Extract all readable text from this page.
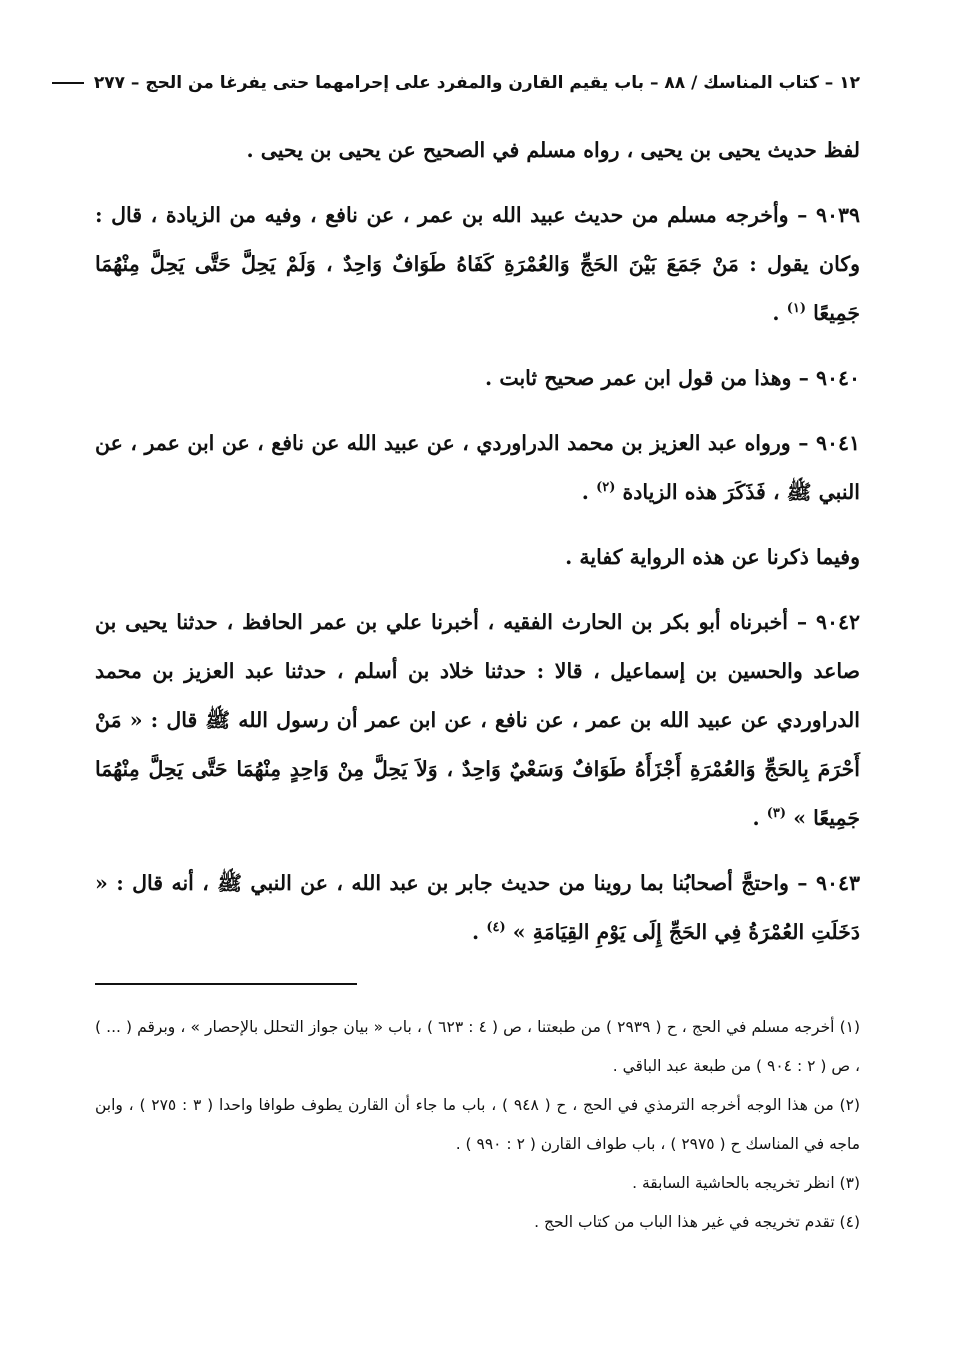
١٢ – كتاب المناسك / ٨٨ – باب يقيم القارن والمفرد على إحرامهما حتى يفرغا من الحج – ٢٧٧

لفظ حديث يحيى بن يحيى ، رواه مسلم في الصحيح عن يحيى بن يحيى .

٩٠٣٩ – وأخرجه مسلم من حديث عبيد الله بن عمر ، عن نافع ، وفيه من الزيادة ، قال : وكان يقول : مَنْ جَمَعَ بَيْنَ الحَجِّ وَالعُمْرَةِ كَفَاهُ طَوَافٌ وَاحِدٌ ، وَلَمْ يَحِلَّ حَتَّى يَحِلَّ مِنْهُمَا جَمِيعًا $^{(١)}$ .

٩٠٤٠ – وهذا من قول ابن عمر صحيح ثابت .

٩٠٤١ – ورواه عبد العزيز بن محمد الدراوردي ، عن عبيد الله عن نافع ، عن ابن عمر ، عن النبي ﷺ ، فَذَكَرَ هذه الزيادة $^{(٢)}$ .

وفيما ذكرنا عن هذه الرواية كفاية .

٩٠٤٢ – أخبرناه أبو بكر بن الحارث الفقيه ، أخبرنا علي بن عمر الحافظ ، حدثنا يحيى بن صاعد والحسين بن إسماعيل ، قالا : حدثنا خلاد بن أسلم ، حدثنا عبد العزيز بن محمد الدراوردي عن عبيد الله بن عمر ، عن نافع ، عن ابن عمر أن رسول الله ﷺ قال : « مَنْ أَحْرَمَ بِالحَجِّ وَالعُمْرَةِ أَجْزَأَهُ طَوَافٌ وَسَعْيٌ وَاحِدٌ ، وَلاَ يَحِلَّ مِنْ وَاحِدٍ مِنْهُمَا حَتَّى يَحِلَّ مِنْهُمَا جَمِيعًا » $^{(٣)}$ .

٩٠٤٣ – واحتجَّ أصحابُنا بما روينا من حديث جابر بن عبد الله ، عن النبي ﷺ ، أنه قال : « دَخَلَتِ العُمْرَةُ فِي الحَجِّ إِلَى يَوْمِ القِيَامَةِ » $^{(٤)}$ .

(١) أخرجه مسلم في الحج ، ح ( ٢٩٣٩ ) من طبعتنا ، ص ( ٤ : ٦٢٣ ) ، باب « بيان جواز التحلل بالإحصار » ، وبرقم ( ... ) ، ص ( ٢ : ٩٠٤ ) من طبعة عبد الباقي .

(٢) من هذا الوجه أخرجه الترمذي في الحج ، ح ( ٩٤٨ ) ، باب ما جاء أن القارن يطوف طوافا واحدا ( ٣ : ٢٧٥ ) ، وابن ماجه في المناسك ح ( ٢٩٧٥ ) ، باب طواف القارن ( ٢ : ٩٩٠ ) .

(٣) انظر تخريجه بالحاشية السابقة .

(٤) تقدم تخريجه في غير هذا الباب من كتاب الحج .
